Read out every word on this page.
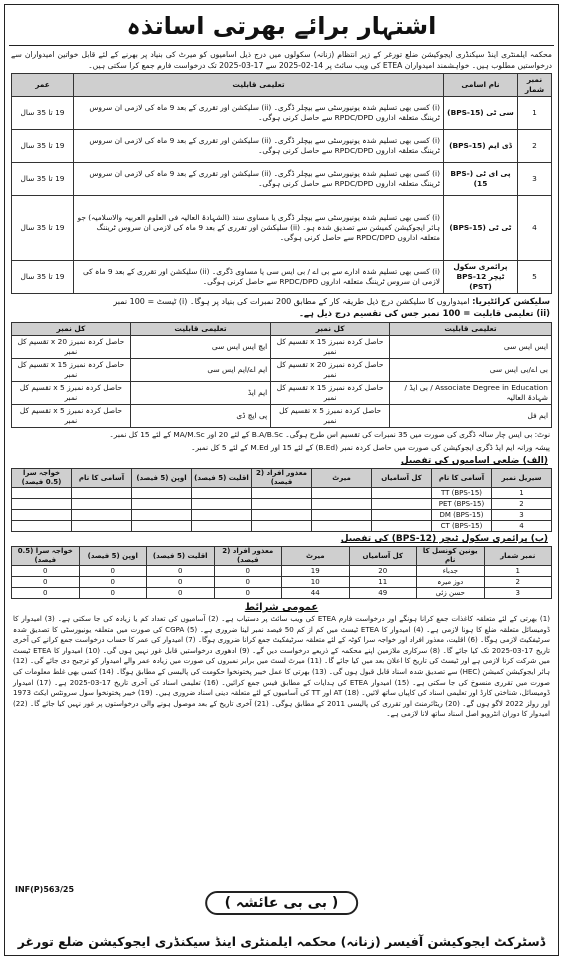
اشتہار برائے بھرتی اساتذہ
محکمہ ایلمنٹری اینڈ سیکنڈری ایجوکیشن ضلع تورغر کے زیر انتظام (زنانہ) سکولوں میں درج ذیل اسامیوں کو میرٹ کی بنیاد پر بھرنے کے لئے قابل خواتین امیدواران سے درخواستیں مطلوب ہیں۔ خواہشمند امیدواران ETEA کی ویب سائٹ پر 14-02-2025 سے 17-03-2025 تک درخواست فارم جمع کرا سکتی ہیں۔
نمبر شمار	نام اسامی	تعلیمی قابلیت	عمر
1	سی ٹی (BPS-15)	(i) کسی بھی تسلیم شدہ یونیورسٹی سے بیچلر ڈگری۔ (ii) سلیکشن اور تقرری کے بعد 9 ماہ کی لازمی ان سروس ٹریننگ متعلقہ اداروں RPDC/DPD سے حاصل کرنی ہوگی۔	19 تا 35 سال
2	ڈی ایم (BPS-15)	(i) کسی بھی تسلیم شدہ یونیورسٹی سے بیچلر ڈگری۔ (ii) سلیکشن اور تقرری کے بعد 9 ماہ کی لازمی ان سروس ٹریننگ متعلقہ اداروں RPDC/DPD سے حاصل کرنی ہوگی۔	19 تا 35 سال
3	پی ای ٹی (BPS-15)	(i) کسی بھی تسلیم شدہ یونیورسٹی سے بیچلر ڈگری۔ (ii) سلیکشن اور تقرری کے بعد 9 ماہ کی لازمی ان سروس ٹریننگ متعلقہ اداروں RPDC/DPD سے حاصل کرنی ہوگی۔	19 تا 35 سال
4	ٹی ٹی (BPS-15)	(i) کسی بھی تسلیم شدہ یونیورسٹی سے بیچلر ڈگری یا مساوی سند (الشہادۃ العالیہ فی العلوم العربیہ والاسلامیہ) جو ہائر ایجوکیشن کمیشن سے تصدیق شدہ ہو۔ (ii) سلیکشن اور تقرری کے بعد 9 ماہ کی لازمی ان سروس ٹریننگ متعلقہ اداروں RPDC/DPD سے حاصل کرنی ہوگی۔	19 تا 35 سال
5	پرائمری سکول ٹیچر BPS-12 (PST)	(i) کسی بھی تسلیم شدہ ادارے سے بی اے / بی ایس سی یا مساوی ڈگری۔ (ii) سلیکشن اور تقرری کے بعد 9 ماہ کی لازمی ان سروس ٹریننگ متعلقہ اداروں RPDC/DPD سے حاصل کرنی ہوگی۔	19 تا 35 سال
سلیکشن کرائٹیریا: امیدواروں کا سلیکشن درج ذیل طریقہ کار کے مطابق 200 نمبرات کی بنیاد پر ہوگا۔ (i) ٹیسٹ = 100 نمبر
(ii) تعلیمی قابلیت = 100 نمبر جس کی تقسیم درج ذیل ہے۔
تعلیمی قابلیت	کل نمبر	تعلیمی قابلیت	کل نمبر
ایس ایس سی	حاصل کردہ نمبرز x 15 تقسیم کل نمبر	ایچ ایس ایس سی	حاصل کردہ نمبرز x 20 تقسیم کل نمبر
بی اے/بی ایس سی	حاصل کردہ نمبرز x 20 تقسیم کل نمبر	ایم اے/ایم ایس سی	حاصل کردہ نمبرز x 15 تقسیم کل نمبر
Associate Degree in Education / بی ایڈ / شہادۃ العالیہ	حاصل کردہ نمبرز x 15 تقسیم کل نمبر	ایم ایڈ	حاصل کردہ نمبرز x 5 تقسیم کل نمبر
ایم فل	حاصل کردہ نمبرز x 5 تقسیم کل نمبر	پی ایچ ڈی	حاصل کردہ نمبرز x 5 تقسیم کل نمبر
نوٹ: بی ایس چار سالہ ڈگری کی صورت میں 35 نمبرات کی تقسیم اس طرح ہوگی۔ B.A/B.Sc کے لئے 20 اور MA/M.Sc کے لئے 15 کل نمبر۔
پیشہ ورانہ ایم ایڈ ڈگری ایجوکیشن کی صورت میں حاصل کردہ نمبر (B.Ed) کے لئے 15 اور M.Ed کے لئے 5 کل نمبر۔
(الف) ضلعی اسامیوں کی تفصیل
سیریل نمبر	آسامی کا نام	کل آسامیاں	میرٹ	معذور افراد (2 فیصد)	اقلیت (5 فیصد)	اوپن (5 فیصد)	آسامی کا نام	خواجہ سرا (0.5 فیصد)
1	TT (BPS-15)							
2	PET (BPS-15)							
3	DM (BPS-15)							
4	CT (BPS-15)							
(ب) پرائمری سکول ٹیچر (BPS-12) کی تفصیل
نمبر شمار	یونین کونسل کا نام	کل آسامیاں	میرٹ	معذور افراد (2 فیصد)	اقلیت (5 فیصد)	اوپن (5 فیصد)	خواجہ سرا (0.5 فیصد)
1	جدباء	20	19	0	0	0	0
2	دوز میرہ	11	10	0	0	0	0
3	حسن زئی	49	44	0	0	0	0
عمومی شرائط
(1) بھرتی کے لئے متعلقہ کاغذات جمع کرانا ہونگے اور درخواست فارم ETEA کی ویب سائٹ پر دستیاب ہے۔ (2) آسامیوں کی تعداد کم یا زیادہ کی جا سکتی ہے۔ (3) امیدوار کا ڈومیسائل متعلقہ ضلع کا ہونا لازمی ہے۔ (4) امیدوار کا ETEA ٹیسٹ میں کم از کم 50 فیصد نمبر لینا ضروری ہے۔ (5) CGPA کی صورت میں متعلقہ یونیورسٹی کا تصدیق شدہ سرٹیفکیٹ لازمی ہوگا۔ (6) اقلیت، معذور افراد اور خواجہ سرا کوٹہ کے لئے متعلقہ سرٹیفکیٹ جمع کرانا ضروری ہوگا۔ (7) امیدوار کی عمر کا حساب درخواست جمع کرانے کی آخری تاریخ 17-03-2025 تک کیا جائے گا۔ (8) سرکاری ملازمین اپنے محکمہ کے ذریعے درخواست دیں گے۔ (9) ادھوری درخواستیں قابل غور نہیں ہوں گی۔ (10) امیدوار کا ETEA ٹیسٹ میں شرکت کرنا لازمی ہے اور ٹیسٹ کی تاریخ کا اعلان بعد میں کیا جائے گا۔ (11) میرٹ لسٹ میں برابر نمبروں کی صورت میں زیادہ عمر والے امیدوار کو ترجیح دی جائے گی۔ (12) ہائر ایجوکیشن کمیشن (HEC) سے تصدیق شدہ اسناد قابل قبول ہوں گی۔ (13) بھرتی کا عمل خیبر پختونخوا حکومت کی پالیسی کے مطابق ہوگا۔ (14) کسی بھی غلط معلومات کی صورت میں تقرری منسوخ کی جا سکتی ہے۔ (15) امیدوار ETEA کی ہدایات کے مطابق فیس جمع کرائیں۔ (16) تعلیمی اسناد کی آخری تاریخ 17-03-2025 ہے۔ (17) امیدوار ڈومیسائل، شناختی کارڈ اور تعلیمی اسناد کی کاپیاں ساتھ لائیں۔ (18) AT اور TT کی آسامیوں کے لئے متعلقہ دینی اسناد ضروری ہیں۔ (19) خیبر پختونخوا سول سرونٹس ایکٹ 1973 اور رولز 2022 لاگو ہوں گے۔ (20) ریٹائرمنٹ اور تقرری کی پالیسی 2011 کے مطابق ہوگی۔ (21) آخری تاریخ کے بعد موصول ہونے والی درخواستوں پر غور نہیں کیا جائے گا۔ (22) امیدوار کا دوران انٹرویو اصل اسناد ساتھ لانا لازمی ہے۔
INF(P)563/25
( بی بی عائشہ )
ڈسٹرکٹ ایجوکیشن آفیسر (زنانہ) محکمہ ایلمنٹری اینڈ سیکنڈری ایجوکیشن ضلع تورغر
